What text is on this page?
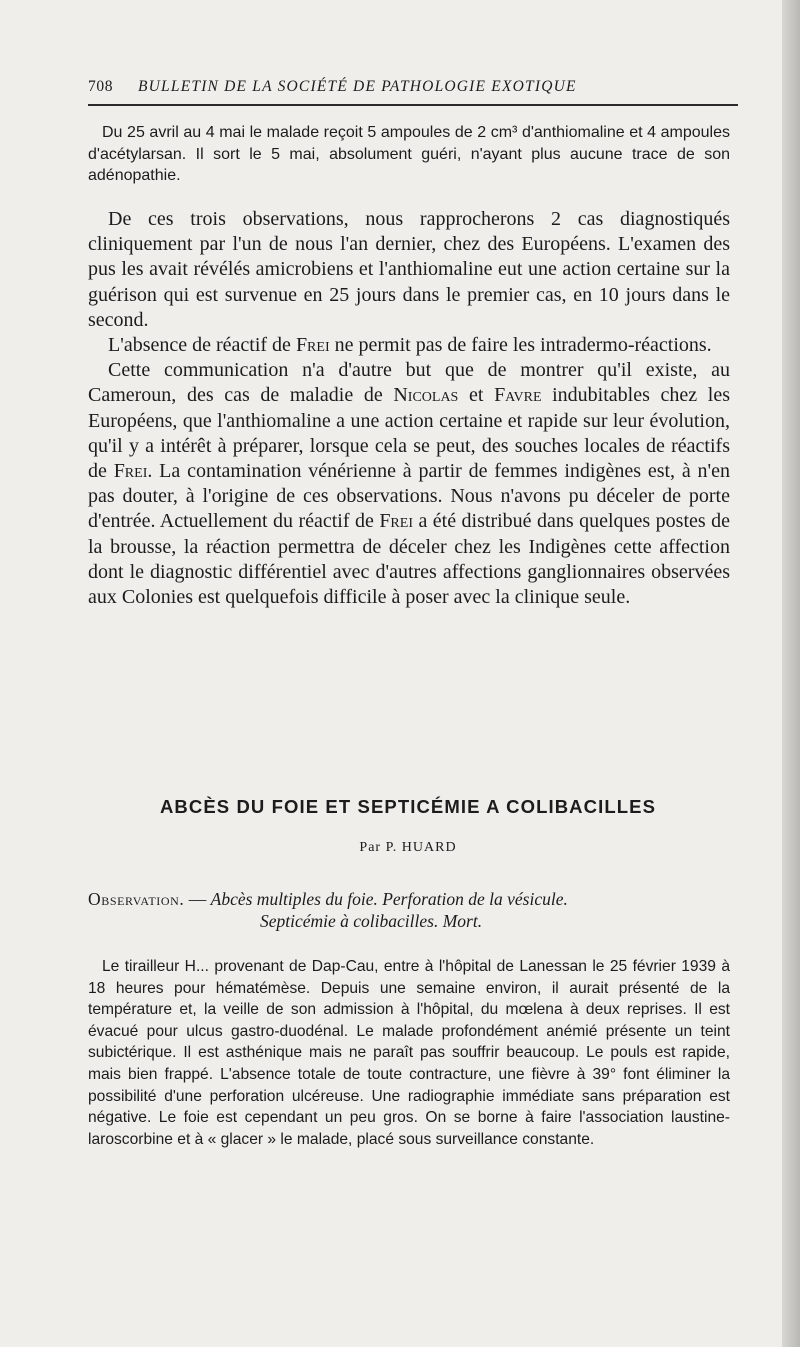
708	BULLETIN DE LA SOCIÉTÉ DE PATHOLOGIE EXOTIQUE

Du 25 avril au 4 mai le malade reçoit 5 ampoules de 2 cm³ d'anthiomaline et 4 ampoules d'acétylarsan. Il sort le 5 mai, absolument guéri, n'ayant plus aucune trace de son adénopathie.

De ces trois observations, nous rapprocherons 2 cas diagnostiqués cliniquement par l'un de nous l'an dernier, chez des Européens. L'examen des pus les avait révélés amicrobiens et l'anthiomaline eut une action certaine sur la guérison qui est survenue en 25 jours dans le premier cas, en 10 jours dans le second.

L'absence de réactif de Frei ne permit pas de faire les intradermo-réactions.

Cette communication n'a d'autre but que de montrer qu'il existe, au Cameroun, des cas de maladie de Nicolas et Favre indubitables chez les Européens, que l'anthiomaline a une action certaine et rapide sur leur évolution, qu'il y a intérêt à préparer, lorsque cela se peut, des souches locales de réactifs de Frei. La contamination vénérienne à partir de femmes indigènes est, à n'en pas douter, à l'origine de ces observations. Nous n'avons pu déceler de porte d'entrée. Actuellement du réactif de Frei a été distribué dans quelques postes de la brousse, la réaction permettra de déceler chez les Indigènes cette affection dont le diagnostic différentiel avec d'autres affections ganglionnaires observées aux Colonies est quelquefois difficile à poser avec la clinique seule.

ABCÈS DU FOIE ET SEPTICÉMIE A COLIBACILLES
Par P. HUARD
Observation. — Abcès multiples du foie. Perforation de la vésicule.
Septicémie à colibacilles. Mort.

Le tirailleur H... provenant de Dap-Cau, entre à l'hôpital de Lanessan le 25 février 1939 à 18 heures pour hématémèse. Depuis une semaine environ, il aurait présenté de la température et, la veille de son admission à l'hôpital, du mœlena à deux reprises. Il est évacué pour ulcus gastro-duodénal. Le malade profondément anémié présente un teint subictérique. Il est asthénique mais ne paraît pas souffrir beaucoup. Le pouls est rapide, mais bien frappé. L'absence totale de toute contracture, une fièvre à 39° font éliminer la possibilité d'une perforation ulcéreuse. Une radiographie immédiate sans préparation est négative. Le foie est cependant un peu gros. On se borne à faire l'association laustine-laroscorbine et à « glacer » le malade, placé sous surveillance constante.
